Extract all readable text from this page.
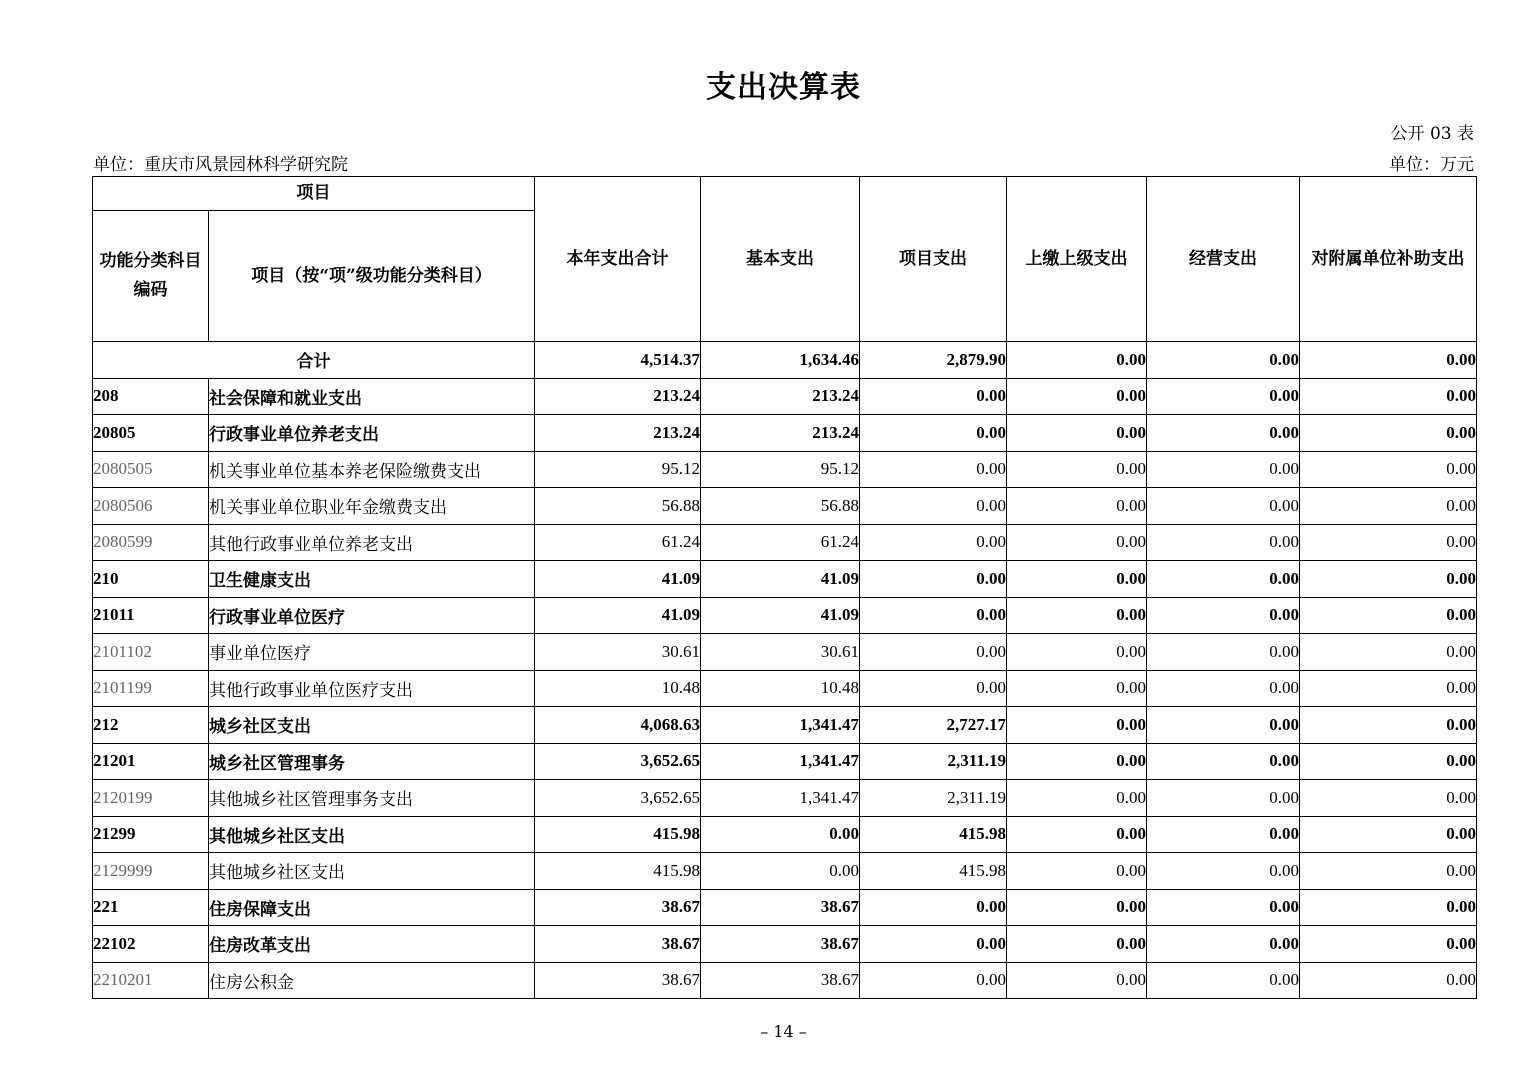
支出决算表
公开 03 表
单位：重庆市风景园林科学研究院	单位：万元
项目		本年支出合计	基本支出	项目支出	上缴上级支出	经营支出	对附属单位补助支出
功能分类科目编码	项目（按“项”级功能分类科目）						
合计		4,514.37	1,634.46	2,879.90	0.00	0.00	0.00
208	社会保障和就业支出	213.24	213.24	0.00	0.00	0.00	0.00
20805	行政事业单位养老支出	213.24	213.24	0.00	0.00	0.00	0.00
2080505	机关事业单位基本养老保险缴费支出	95.12	95.12	0.00	0.00	0.00	0.00
2080506	机关事业单位职业年金缴费支出	56.88	56.88	0.00	0.00	0.00	0.00
2080599	其他行政事业单位养老支出	61.24	61.24	0.00	0.00	0.00	0.00
210	卫生健康支出	41.09	41.09	0.00	0.00	0.00	0.00
21011	行政事业单位医疗	41.09	41.09	0.00	0.00	0.00	0.00
2101102	事业单位医疗	30.61	30.61	0.00	0.00	0.00	0.00
2101199	其他行政事业单位医疗支出	10.48	10.48	0.00	0.00	0.00	0.00
212	城乡社区支出	4,068.63	1,341.47	2,727.17	0.00	0.00	0.00
21201	城乡社区管理事务	3,652.65	1,341.47	2,311.19	0.00	0.00	0.00
2120199	其他城乡社区管理事务支出	3,652.65	1,341.47	2,311.19	0.00	0.00	0.00
21299	其他城乡社区支出	415.98	0.00	415.98	0.00	0.00	0.00
2129999	其他城乡社区支出	415.98	0.00	415.98	0.00	0.00	0.00
221	住房保障支出	38.67	38.67	0.00	0.00	0.00	0.00
22102	住房改革支出	38.67	38.67	0.00	0.00	0.00	0.00
2210201	住房公积金	38.67	38.67	0.00	0.00	0.00	0.00
– 14 –
